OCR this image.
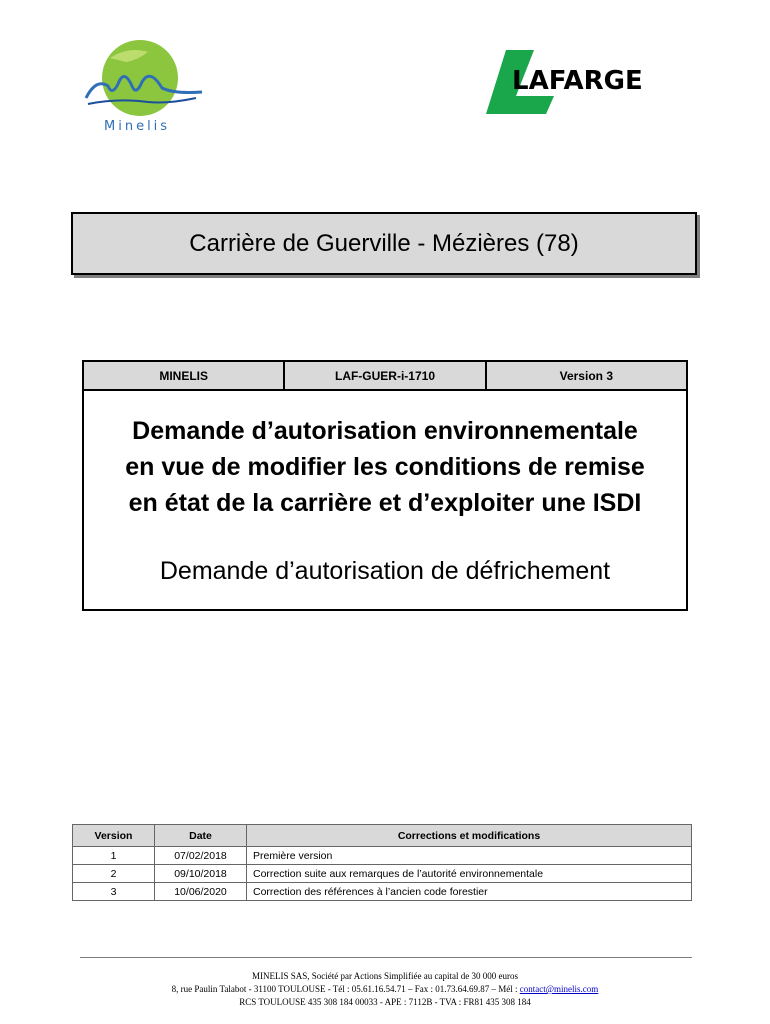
Minelis
LAFARGE
Carrière de Guerville - Mézières (78)
MINELIS	LAF-GUER-i-1710	Version 3
Demande d’autorisation environnementale
en vue de modifier les conditions de remise
en état de la carrière et d’exploiter une ISDI
Demande d’autorisation de défrichement
Version	Date	Corrections et modifications
1	07/02/2018	Première version
2	09/10/2018	Correction suite aux remarques de l’autorité environnementale
3	10/06/2020	Correction des références à l’ancien code forestier
MINELIS SAS, Société par Actions Simplifiée au capital de 30 000 euros
8, rue Paulin Talabot - 31100 TOULOUSE - Tél : 05.61.16.54.71 – Fax : 01.73.64.69.87 – Mél : contact@minelis.com
RCS TOULOUSE 435 308 184 00033 - APE : 7112B - TVA : FR81 435 308 184
